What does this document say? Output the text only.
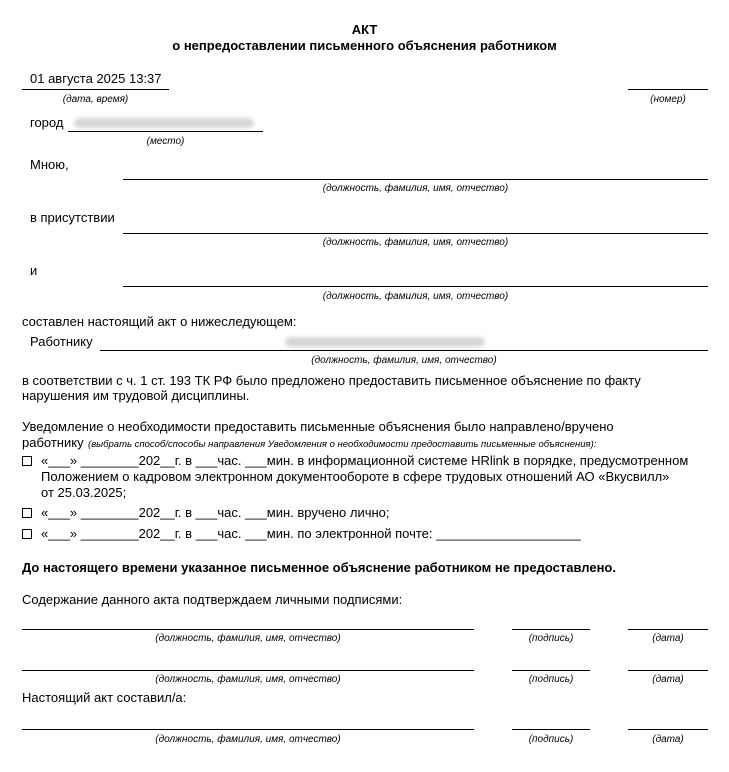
АКТ
о непредоставлении письменного объяснения работником
01 августа 2025 13:37
(дата, время)	(номер)
город
(место)
Мною,
(должность, фамилия, имя, отчество)
в присутствии
(должность, фамилия, имя, отчество)
и
(должность, фамилия, имя, отчество)
составлен настоящий акт о нижеследующем:
Работнику
(должность, фамилия, имя, отчество)
в соответствии с ч. 1 ст. 193 ТК РФ было предложено предоставить письменное объяснение по факту
нарушения им трудовой дисциплины.
Уведомление о необходимости предоставить письменные объяснения было направлено/вручено
работнику (выбрать способ/способы направления Уведомления о необходимости предоставить письменные объяснения):
«___» ________202__г. в ___час. ___мин. в информационной системе HRlink в порядке, предусмотренном
Положением о кадровом электронном документообороте в сфере трудовых отношений АО «Вкусвилл»
от 25.03.2025;
«___» ________202__г. в ___час. ___мин. вручено лично;
«___» ________202__г. в ___час. ___мин. по электронной почте: ____________________
До настоящего времени указанное письменное объяснение работником не предоставлено.
Содержание данного акта подтверждаем личными подписями:
(должность, фамилия, имя, отчество)	(подпись)	(дата)
(должность, фамилия, имя, отчество)	(подпись)	(дата)
Настоящий акт составил/а:
(должность, фамилия, имя, отчество)	(подпись)	(дата)
